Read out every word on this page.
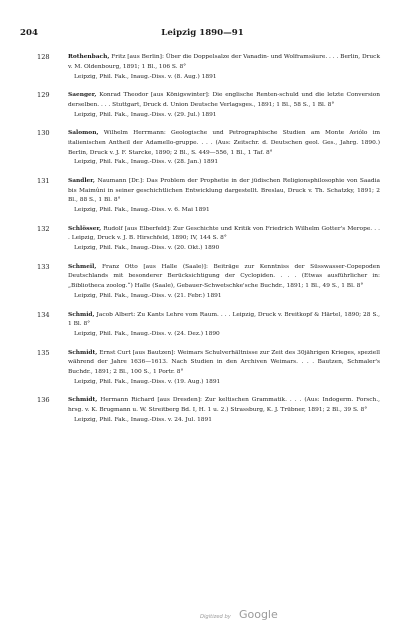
204	Leipzig 1890—91
128	Rothenbach, Fritz [aus Berlin]: Über die Doppelsalze der Vanadin- und Wolframsäure. . . . Berlin, Druck v. M. Oldenbourg, 1891; 1 Bl., 106 S. 8°
Leipzig, Phil. Fak., Inaug.-Diss. v. (8. Aug.) 1891
129	Saenger, Konrad Theodor [aus Königswinter]: Die englische Renten-schuld und die letzte Conversion derselben. . . . Stuttgart, Druck d. Union Deutsche Verlagsges., 1891; 1 Bl., 58 S., 1 Bl. 8°
Leipzig, Phil. Fak., Inaug.-Diss. v. (29. Jul.) 1891
130	Salomon, Wilhelm Herrmann: Geologische und Petrographische Studien am Monte Aviólo im italienischen Antheil der Adamello-gruppe. . . . (Aus: Zeitschr. d. Deutschen geol. Ges., Jahrg. 1890.) Berlin, Druck v. J. F. Starcke, 1890; 2 Bl., S. 449—556, 1 Bl., 1 Taf. 8°
Leipzig, Phil. Fak., Inaug.-Diss. v. (28. Jan.) 1891
131	Sandler, Naumann [Dr.]: Das Problem der Prophetie in der jüdischen Religionsphilosophie von Saadia bis Maimûni in seiner geschichtlichen Entwicklung dargestellt. Breslau, Druck v. Th. Schatzky, 1891; 2 Bl., 88 S., 1 Bl. 8°
Leipzig, Phil. Fak., Inaug.-Diss. v. 6. Mai 1891
132	Schlösser, Rudolf [aus Elberfeld]: Zur Geschichte und Kritik von Friedrich Wilhelm Gotter's Merope. . . . Leipzig, Druck v. J. B. Hirschfeld, 1890; IV, 144 S. 8°
Leipzig, Phil. Fak., Inaug.-Diss. v. (20. Okt.) 1890
133	Schmeil, Franz Otto [aus Halle (Saale)]: Beiträge zur Kenntniss der Süsswasser-Copepoden Deutschlands mit besonderer Berücksichtigung der Cyclopiden. . . . (Etwas ausführlicher in: „Bibliotheca zoolog.“) Halle (Saale), Gebauer-Schwetschke'sche Buchdr., 1891; 1 Bl., 49 S., 1 Bl. 8°
Leipzig, Phil. Fak., Inaug.-Diss. v. (21. Febr.) 1891
134	Schmid, Jacob Albert: Zu Kants Lehre vom Raum. . . . Leipzig, Druck v. Breitkopf & Härtel, 1890; 28 S., 1 Bl. 8°
Leipzig, Phil. Fak., Inaug.-Diss. v. (24. Dez.) 1890
135	Schmidt, Ernst Curt [aus Bautzen]: Weimars Schulverhältnisse zur Zeit des 30jährigen Krieges, speziell während der Jahre 1636—1613. Nach Studien in den Archiven Weimars. . . . Bautzen, Schmaler's Buchdr., 1891; 2 Bl., 100 S., 1 Portr. 8°
Leipzig, Phil. Fak., Inaug.-Diss. v. (19. Aug.) 1891
136	Schmidt, Hermann Richard [aus Dresden]: Zur keltischen Grammatik. . . . (Aus: Indogerm. Forsch., hrsg. v. K. Brugmann u. W. Streitberg Bd. I, H. 1 u. 2.) Strassburg, K. J. Trübner, 1891; 2 Bl., 39 S. 8°
Leipzig, Phil. Fak., Inaug.-Diss. v. 24. Jul. 1891
Digitized by Google
